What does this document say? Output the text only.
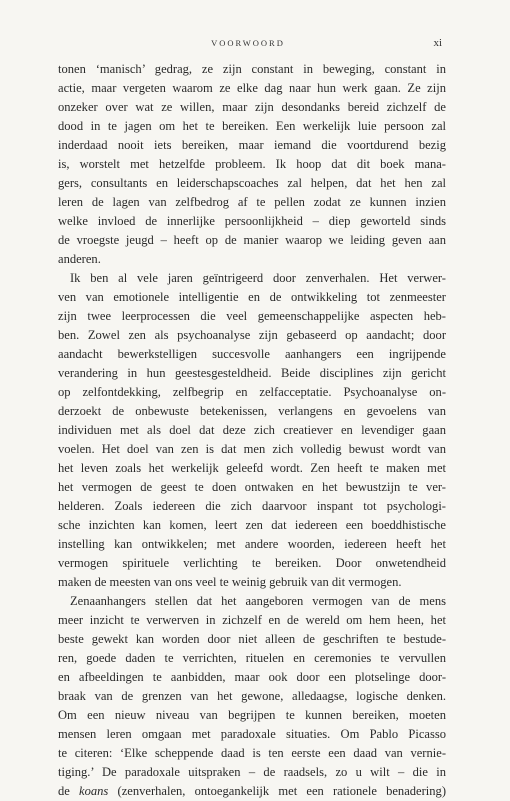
VOORWOORD	xi
tonen ‘manisch’ gedrag, ze zijn constant in beweging, constant in
actie, maar vergeten waarom ze elke dag naar hun werk gaan. Ze zijn
onzeker over wat ze willen, maar zijn desondanks bereid zichzelf de
dood in te jagen om het te bereiken. Een werkelijk luie persoon zal
inderdaad nooit iets bereiken, maar iemand die voortdurend bezig
is, worstelt met hetzelfde probleem. Ik hoop dat dit boek mana-
gers, consultants en leiderschapscoaches zal helpen, dat het hen zal
leren de lagen van zelfbedrog af te pellen zodat ze kunnen inzien
welke invloed de innerlijke persoonlijkheid – diep geworteld sinds
de vroegste jeugd – heeft op de manier waarop we leiding geven aan
anderen.
Ik ben al vele jaren geïntrigeerd door zenverhalen. Het verwer-
ven van emotionele intelligentie en de ontwikkeling tot zenmeester
zijn twee leerprocessen die veel gemeenschappelijke aspecten heb-
ben. Zowel zen als psychoanalyse zijn gebaseerd op aandacht; door
aandacht bewerkstelligen succesvolle aanhangers een ingrijpende
verandering in hun geestesgesteldheid. Beide disciplines zijn gericht
op zelfontdekking, zelfbegrip en zelfacceptatie. Psychoanalyse on-
derzoekt de onbewuste betekenissen, verlangens en gevoelens van
individuen met als doel dat deze zich creatiever en levendiger gaan
voelen. Het doel van zen is dat men zich volledig bewust wordt van
het leven zoals het werkelijk geleefd wordt. Zen heeft te maken met
het vermogen de geest te doen ontwaken en het bewustzijn te ver-
helderen. Zoals iedereen die zich daarvoor inspant tot psychologi-
sche inzichten kan komen, leert zen dat iedereen een boeddhistische
instelling kan ontwikkelen; met andere woorden, iedereen heeft het
vermogen spirituele verlichting te bereiken. Door onwetendheid
maken de meesten van ons veel te weinig gebruik van dit vermogen.
Zenaanhangers stellen dat het aangeboren vermogen van de mens
meer inzicht te verwerven in zichzelf en de wereld om hem heen, het
beste gewekt kan worden door niet alleen de geschriften te bestude-
ren, goede daden te verrichten, rituelen en ceremonies te vervullen
en afbeeldingen te aanbidden, maar ook door een plotselinge door-
braak van de grenzen van het gewone, alledaagse, logische denken.
Om een nieuw niveau van begrijpen te kunnen bereiken, moeten
mensen leren omgaan met paradoxale situaties. Om Pablo Picasso
te citeren: ‘Elke scheppende daad is ten eerste een daad van vernie-
tiging.’ De paradoxale uitspraken – de raadsels, zo u wilt – die in
de koans (zenverhalen, ontoegankelijk met een rationele benadering)
